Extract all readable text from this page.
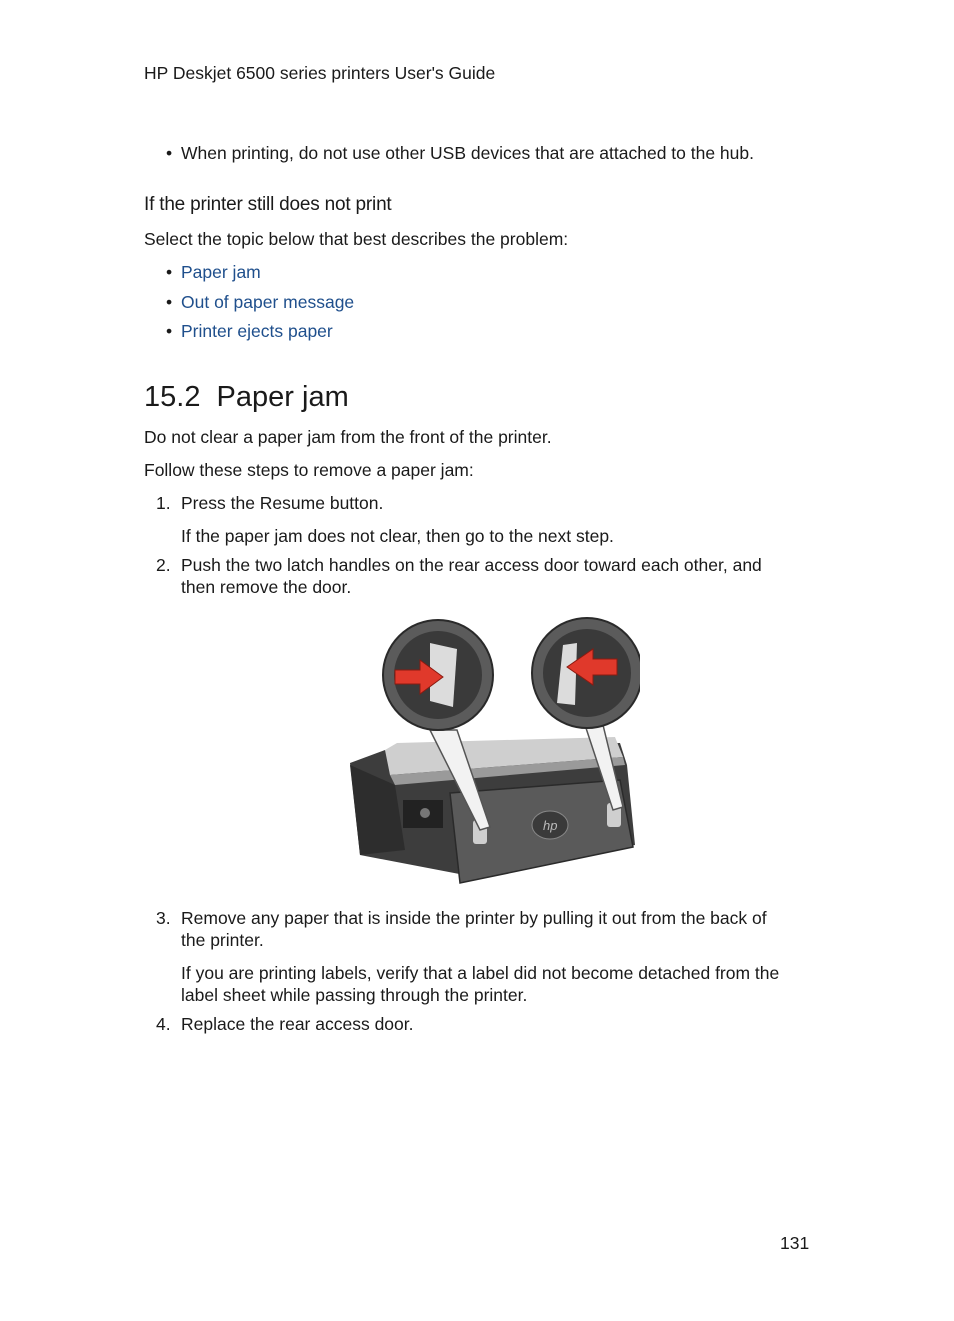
HP Deskjet 6500 series printers User's Guide
• When printing, do not use other USB devices that are attached to the hub.
If the printer still does not print
Select the topic below that best describes the problem:
• Paper jam
• Out of paper message
• Printer ejects paper
15.2  Paper jam
Do not clear a paper jam from the front of the printer.
Follow these steps to remove a paper jam:
1. Press the Resume button.
If the paper jam does not clear, then go to the next step.
2. Push the two latch handles on the rear access door toward each other, and
then remove the door.
hp
3. Remove any paper that is inside the printer by pulling it out from the back of
the printer.
If you are printing labels, verify that a label did not become detached from the
label sheet while passing through the printer.
4. Replace the rear access door.
131
